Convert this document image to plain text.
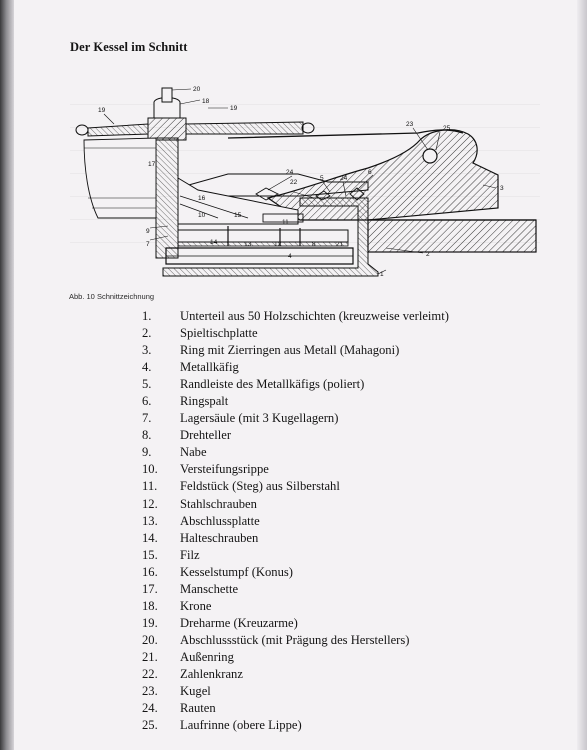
Der Kessel im Schnitt
20
18
19	19
17
23
25
3
24	6
5	24
22
16
10	15
11
9
7	14	13	12	8	21
4	2
1
Abb. 10 Schnittzeichnung
1. Unterteil aus 50 Holzschichten (kreuzweise verleimt)
2. Spieltischplatte
3. Ring mit Zierringen aus Metall (Mahagoni)
4. Metallkäfig
5. Randleiste des Metallkäfigs (poliert)
6. Ringspalt
7. Lagersäule (mit 3 Kugellagern)
8. Drehteller
9. Nabe
10. Versteifungsrippe
11. Feldstück (Steg) aus Silberstahl
12. Stahlschrauben
13. Abschlussplatte
14. Halteschrauben
15. Filz
16. Kesselstumpf (Konus)
17. Manschette
18. Krone
19. Dreharme (Kreuzarme)
20. Abschlussstück (mit Prägung des Herstellers)
21. Außenring
22. Zahlenkranz
23. Kugel
24. Rauten
25. Laufrinne (obere Lippe)
